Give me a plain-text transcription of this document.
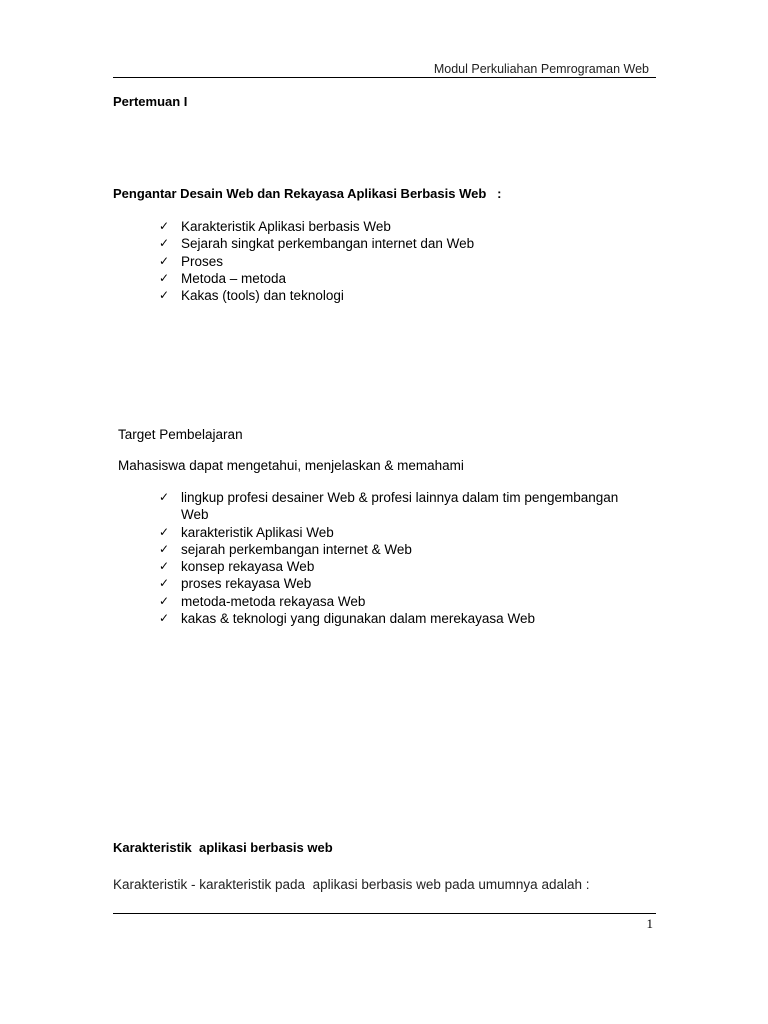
Modul Perkuliahan Pemrograman Web
Pertemuan I
Pengantar Desain Web dan Rekayasa Aplikasi Berbasis Web   :
✓ Karakteristik Aplikasi berbasis Web
✓ Sejarah singkat perkembangan internet dan Web
✓ Proses
✓ Metoda – metoda
✓ Kakas (tools) dan teknologi
Target Pembelajaran
Mahasiswa dapat mengetahui, menjelaskan & memahami
✓ lingkup profesi desainer Web & profesi lainnya dalam tim pengembangan Web
✓ karakteristik Aplikasi Web
✓ sejarah perkembangan internet & Web
✓ konsep rekayasa Web
✓ proses rekayasa Web
✓ metoda-metoda rekayasa Web
✓ kakas & teknologi yang digunakan dalam merekayasa Web
Karakteristik  aplikasi berbasis web
Karakteristik - karakteristik pada  aplikasi berbasis web pada umumnya adalah :
1
